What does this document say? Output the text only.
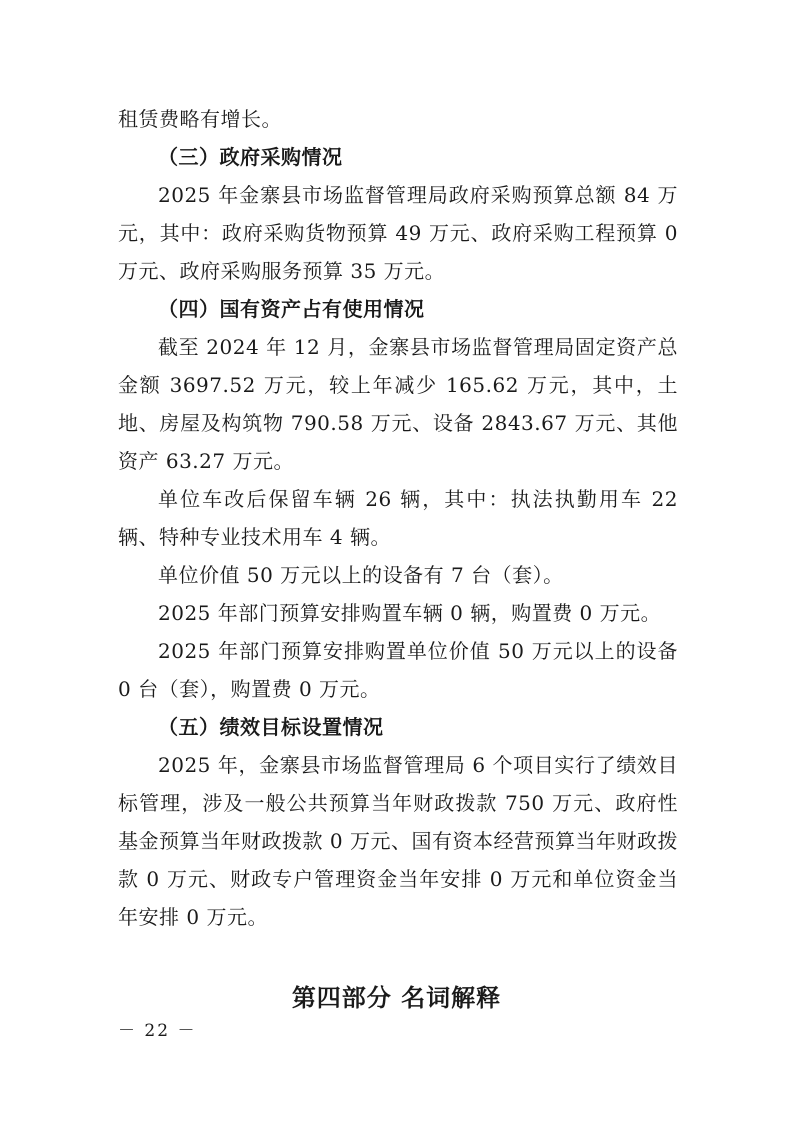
租赁费略有增长。

（三）政府采购情况

2025 年金寨县市场监督管理局政府采购预算总额 84 万元，其中：政府采购货物预算 49 万元、政府采购工程预算 0 万元、政府采购服务预算 35 万元。

（四）国有资产占有使用情况

截至 2024 年 12 月，金寨县市场监督管理局固定资产总金额 3697.52 万元，较上年减少 165.62 万元，其中，土地、房屋及构筑物 790.58 万元、设备 2843.67 万元、其他资产 63.27 万元。

单位车改后保留车辆 26 辆，其中：执法执勤用车 22 辆、特种专业技术用车 4 辆。

单位价值 50 万元以上的设备有 7 台（套）。

2025 年部门预算安排购置车辆 0 辆，购置费 0 万元。

2025 年部门预算安排购置单位价值 50 万元以上的设备 0 台（套），购置费 0 万元。

（五）绩效目标设置情况

2025 年，金寨县市场监督管理局 6 个项目实行了绩效目标管理，涉及一般公共预算当年财政拨款 750 万元、政府性基金预算当年财政拨款 0 万元、国有资本经营预算当年财政拨款 0 万元、财政专户管理资金当年安排 0 万元和单位资金当年安排 0 万元。

第四部分 名词解释
－ 22 －
